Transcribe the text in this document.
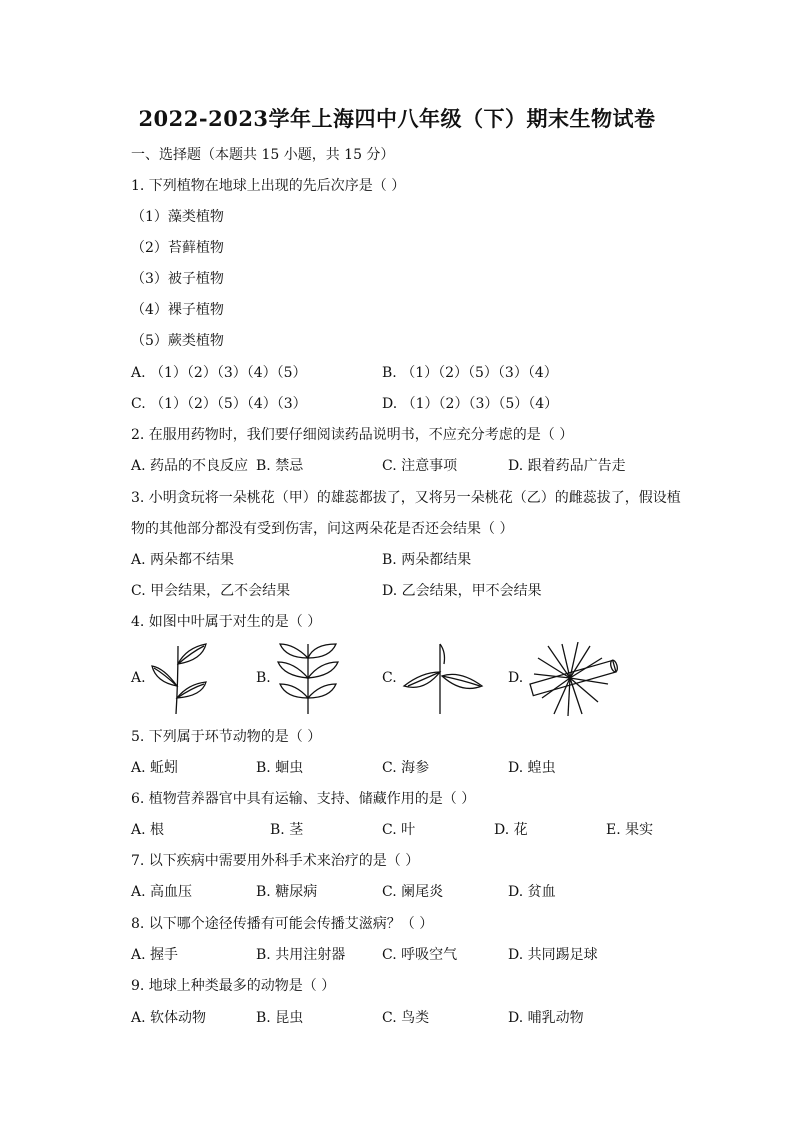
2022-2023学年上海四中八年级（下）期末生物试卷
一、选择题（本题共 15 小题，共 15 分）
1. 下列植物在地球上出现的先后次序是（ ）
（1）藻类植物
（2）苔藓植物
（3）被子植物
（4）裸子植物
（5）蕨类植物
A. （1）（2）（3）（4）（5）	B. （1）（2）（5）（3）（4）
C. （1）（2）（5）（4）（3）	D. （1）（2）（3）（5）（4）
2. 在服用药物时，我们要仔细阅读药品说明书，不应充分考虑的是（ ）
A. 药品的不良反应 B. 禁忌	C. 注意事项	D. 跟着药品广告走
3. 小明贪玩将一朵桃花（甲）的雄蕊都拔了，又将另一朵桃花（乙）的雌蕊拔了，假设植
物的其他部分都没有受到伤害，问这两朵花是否还会结果（ ）
A. 两朵都不结果	B. 两朵都结果
C. 甲会结果，乙不会结果	D. 乙会结果，甲不会结果
4. 如图中叶属于对生的是（ ）
A.	B.	C.	D.
5. 下列属于环节动物的是（ ）
A. 蚯蚓	B. 蛔虫	C. 海参	D. 蝗虫
6. 植物营养器官中具有运输、支持、储藏作用的是（ ）
A. 根	B. 茎	C. 叶	D. 花	E. 果实
7. 以下疾病中需要用外科手术来治疗的是（ ）
A. 高血压	B. 糖尿病	C. 阑尾炎	D. 贫血
8. 以下哪个途径传播有可能会传播艾滋病？（ ）
A. 握手	B. 共用注射器	C. 呼吸空气	D. 共同踢足球
9. 地球上种类最多的动物是（ ）
A. 软体动物	B. 昆虫	C. 鸟类	D. 哺乳动物
